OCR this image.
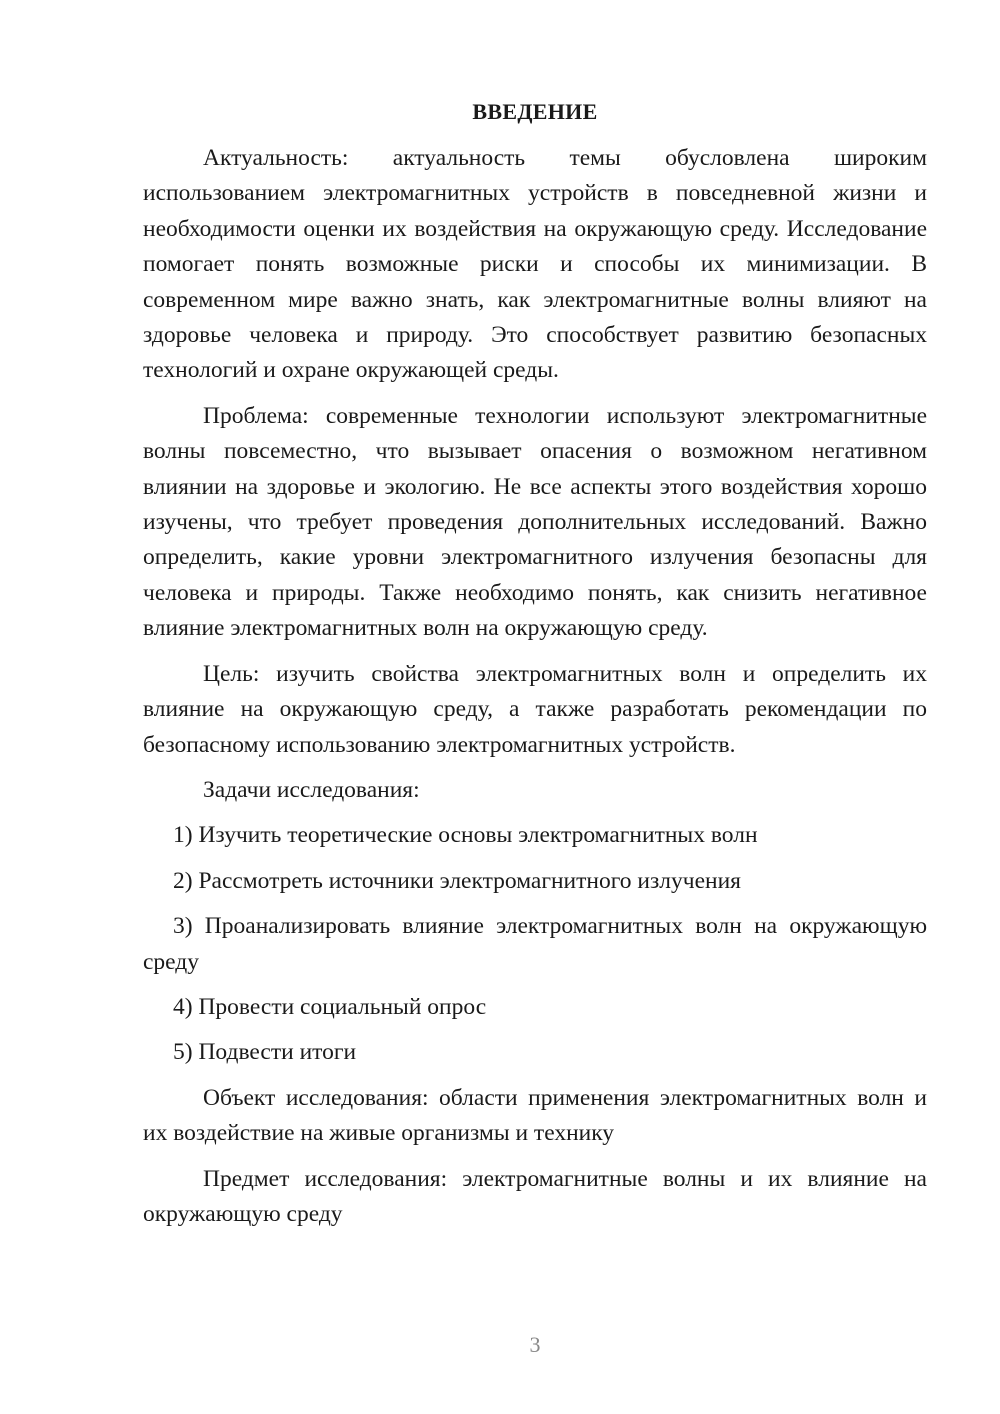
ВВЕДЕНИЕ

Актуальность: актуальность темы обусловлена широким использованием электромагнитных устройств в повседневной жизни и необходимости оценки их воздействия на окружающую среду. Исследование помогает понять возможные риски и способы их минимизации. В современном мире важно знать, как электромагнитные волны влияют на здоровье человека и природу. Это способствует развитию безопасных технологий и охране окружающей среды.

Проблема: современные технологии используют электромагнитные волны повсеместно, что вызывает опасения о возможном негативном влиянии на здоровье и экологию. Не все аспекты этого воздействия хорошо изучены, что требует проведения дополнительных исследований. Важно определить, какие уровни электромагнитного излучения безопасны для человека и природы. Также необходимо понять, как снизить негативное влияние электромагнитных волн на окружающую среду.

Цель: изучить свойства электромагнитных волн и определить их влияние на окружающую среду, а также разработать рекомендации по безопасному использованию электромагнитных устройств.

Задачи исследования:

1) Изучить теоретические основы электромагнитных волн

2) Рассмотреть источники электромагнитного излучения

3) Проанализировать влияние электромагнитных волн на окружающую среду

4) Провести социальный опрос

5) Подвести итоги

Объект исследования: области применения электромагнитных волн и их воздействие на живые организмы и технику

Предмет исследования: электромагнитные волны и их влияние на окружающую среду

3
